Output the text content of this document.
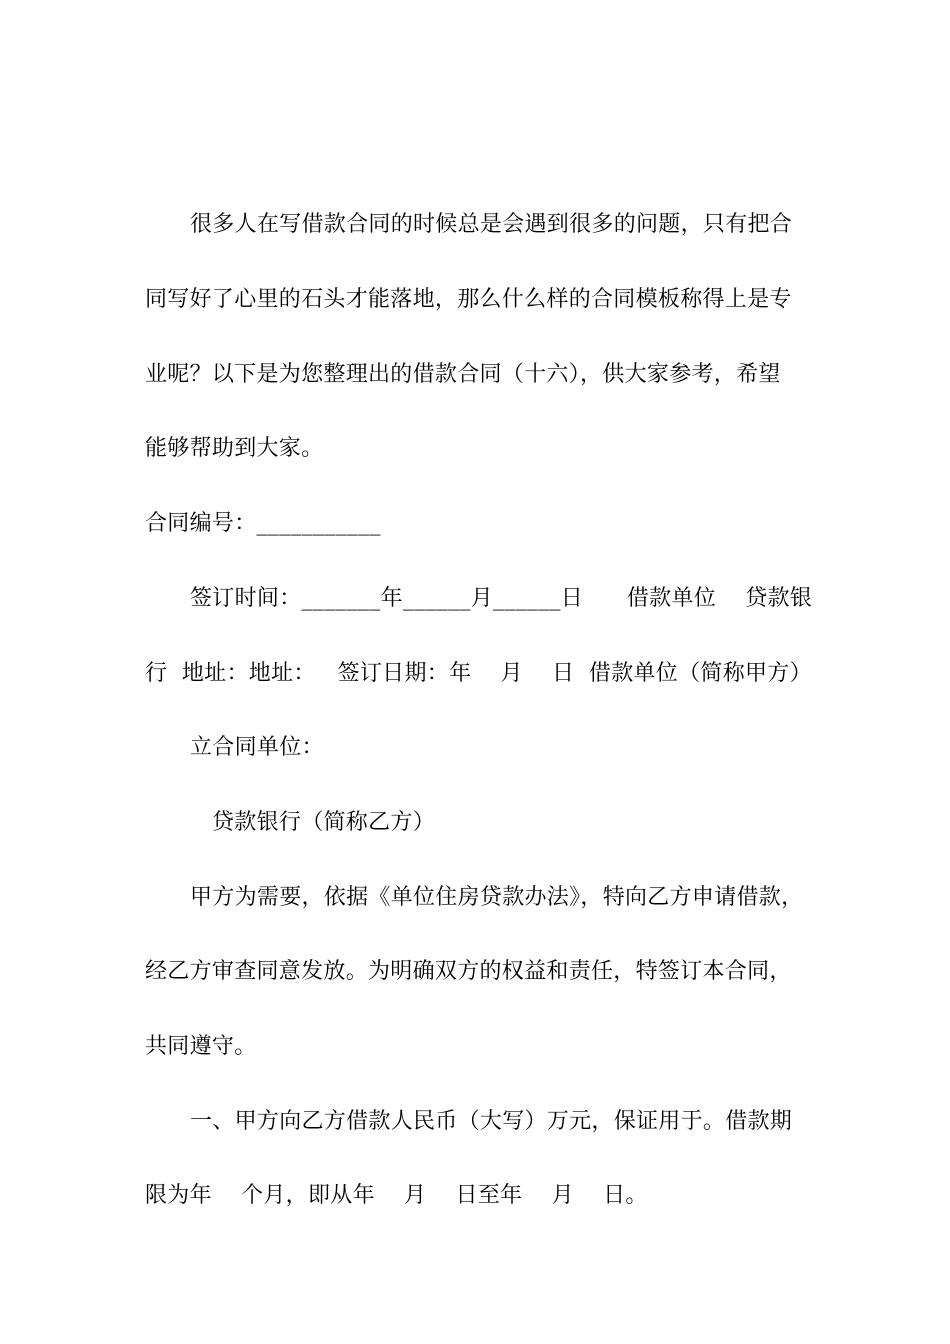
很多人在写借款合同的时候总是会遇到很多的问题，只有把合
同写好了心里的石头才能落地，那么什么样的合同模板称得上是专
业呢？以下是为您整理出的借款合同（十六），供大家参考，希望
能够帮助到大家。
合同编号：___________
签订时间：_______年______月______日      借款单位    贷款银
行  地址：地址：   签订日期：年    月    日  借款单位（简称甲方）
立合同单位：
贷款银行（简称乙方）
甲方为需要，依据《单位住房贷款办法》，特向乙方申请借款，
经乙方审查同意发放。为明确双方的权益和责任，特签订本合同，
共同遵守。
一、甲方向乙方借款人民币（大写）万元，保证用于。借款期
限为年    个月，即从年    月    日至年    月    日。
